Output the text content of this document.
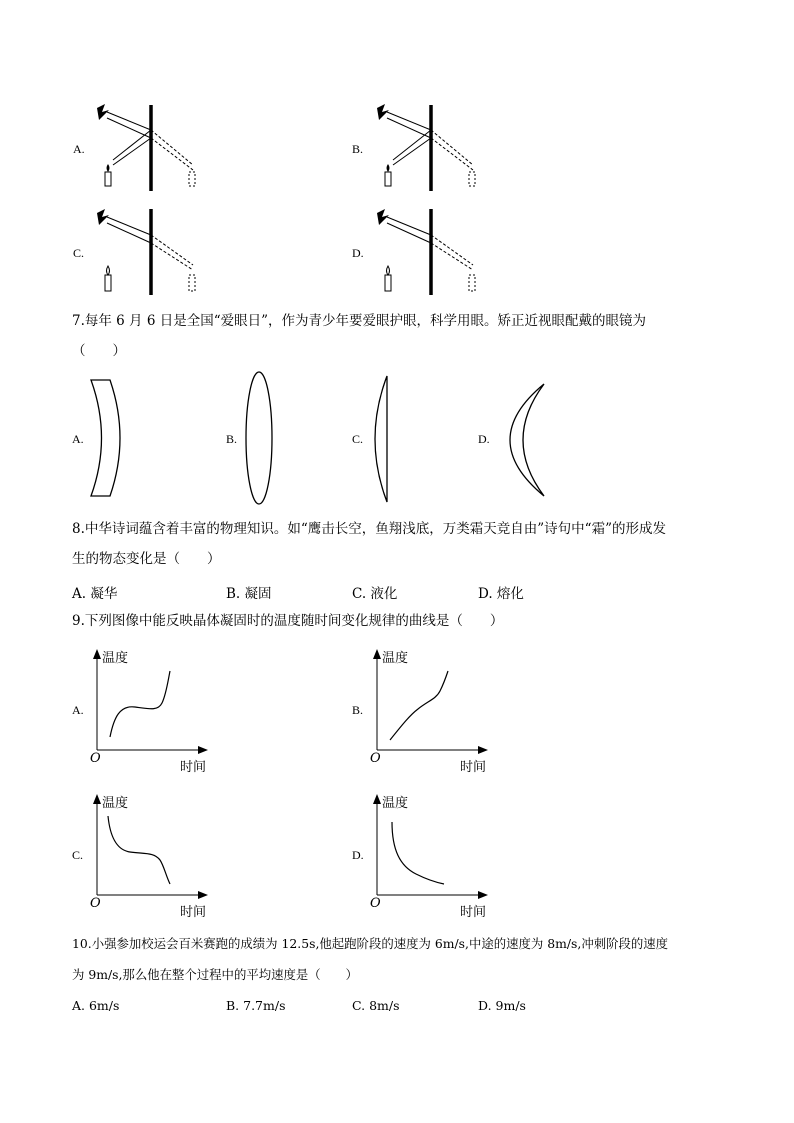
A.	B.
C.	D.
7.每年 6 月 6 日是全国“爱眼日”，作为青少年要爱眼护眼，科学用眼。矫正近视眼配戴的眼镜为
（　　）
A.	B.	C.	D.
8.中华诗词蕴含着丰富的物理知识。如“鹰击长空，鱼翔浅底，万类霜天竞自由”诗句中“霜”的形成发
生的物态变化是（　　）
A. 凝华	B. 凝固	C. 液化	D. 熔化
9.下列图像中能反映晶体凝固时的温度随时间变化规律的曲线是（　　）
A.
温度
时间
O
B.
温度
时间
O
C.
温度
时间
O
D.
温度
时间
O
10.小强参加校运会百米赛跑的成绩为 12.5s,他起跑阶段的速度为 6m/s,中途的速度为 8m/s,冲刺阶段的速度
为 9m/s,那么他在整个过程中的平均速度是（　　）
A. 6m/s	B. 7.7m/s	C. 8m/s	D. 9m/s
